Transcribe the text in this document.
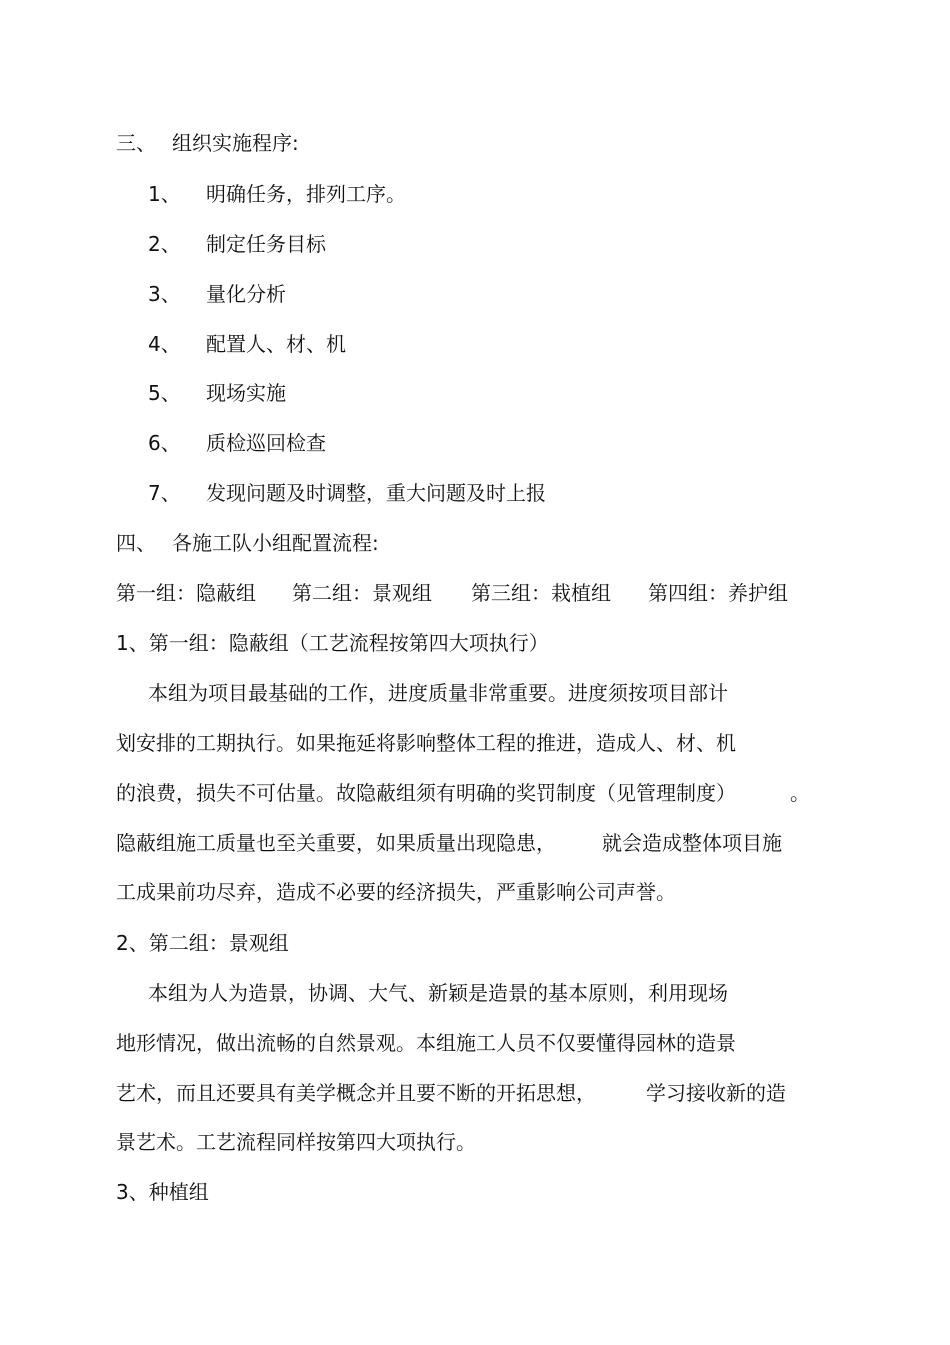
三、 组织实施程序:
1、 明确任务，排列工序。
2、 制定任务目标
3、 量化分析
4、 配置人、材、机
5、 现场实施
6、 质检巡回检查
7、 发现问题及时调整，重大问题及时上报
四、 各施工队小组配置流程:
第一组：隐蔽组 第二组：景观组 第三组：栽植组 第四组：养护组
1、第一组：隐蔽组（工艺流程按第四大项执行）
本组为项目最基础的工作，进度质量非常重要。进度须按项目部计
划安排的工期执行。如果拖延将影响整体工程的推进，造成人、材、机
的浪费，损失不可估量。故隐蔽组须有明确的奖罚制度（见管理制度）	。
隐蔽组施工质量也至关重要，如果质量出现隐患， 就会造成整体项目施
工成果前功尽弃，造成不必要的经济损失，严重影响公司声誉。
2、第二组：景观组
本组为人为造景，协调、大气、新颖是造景的基本原则，利用现场
地形情况，做出流畅的自然景观。本组施工人员不仅要懂得园林的造景
艺术，而且还要具有美学概念并且要不断的开拓思想，	学习接收新的造
景艺术。工艺流程同样按第四大项执行。
3、种植组
